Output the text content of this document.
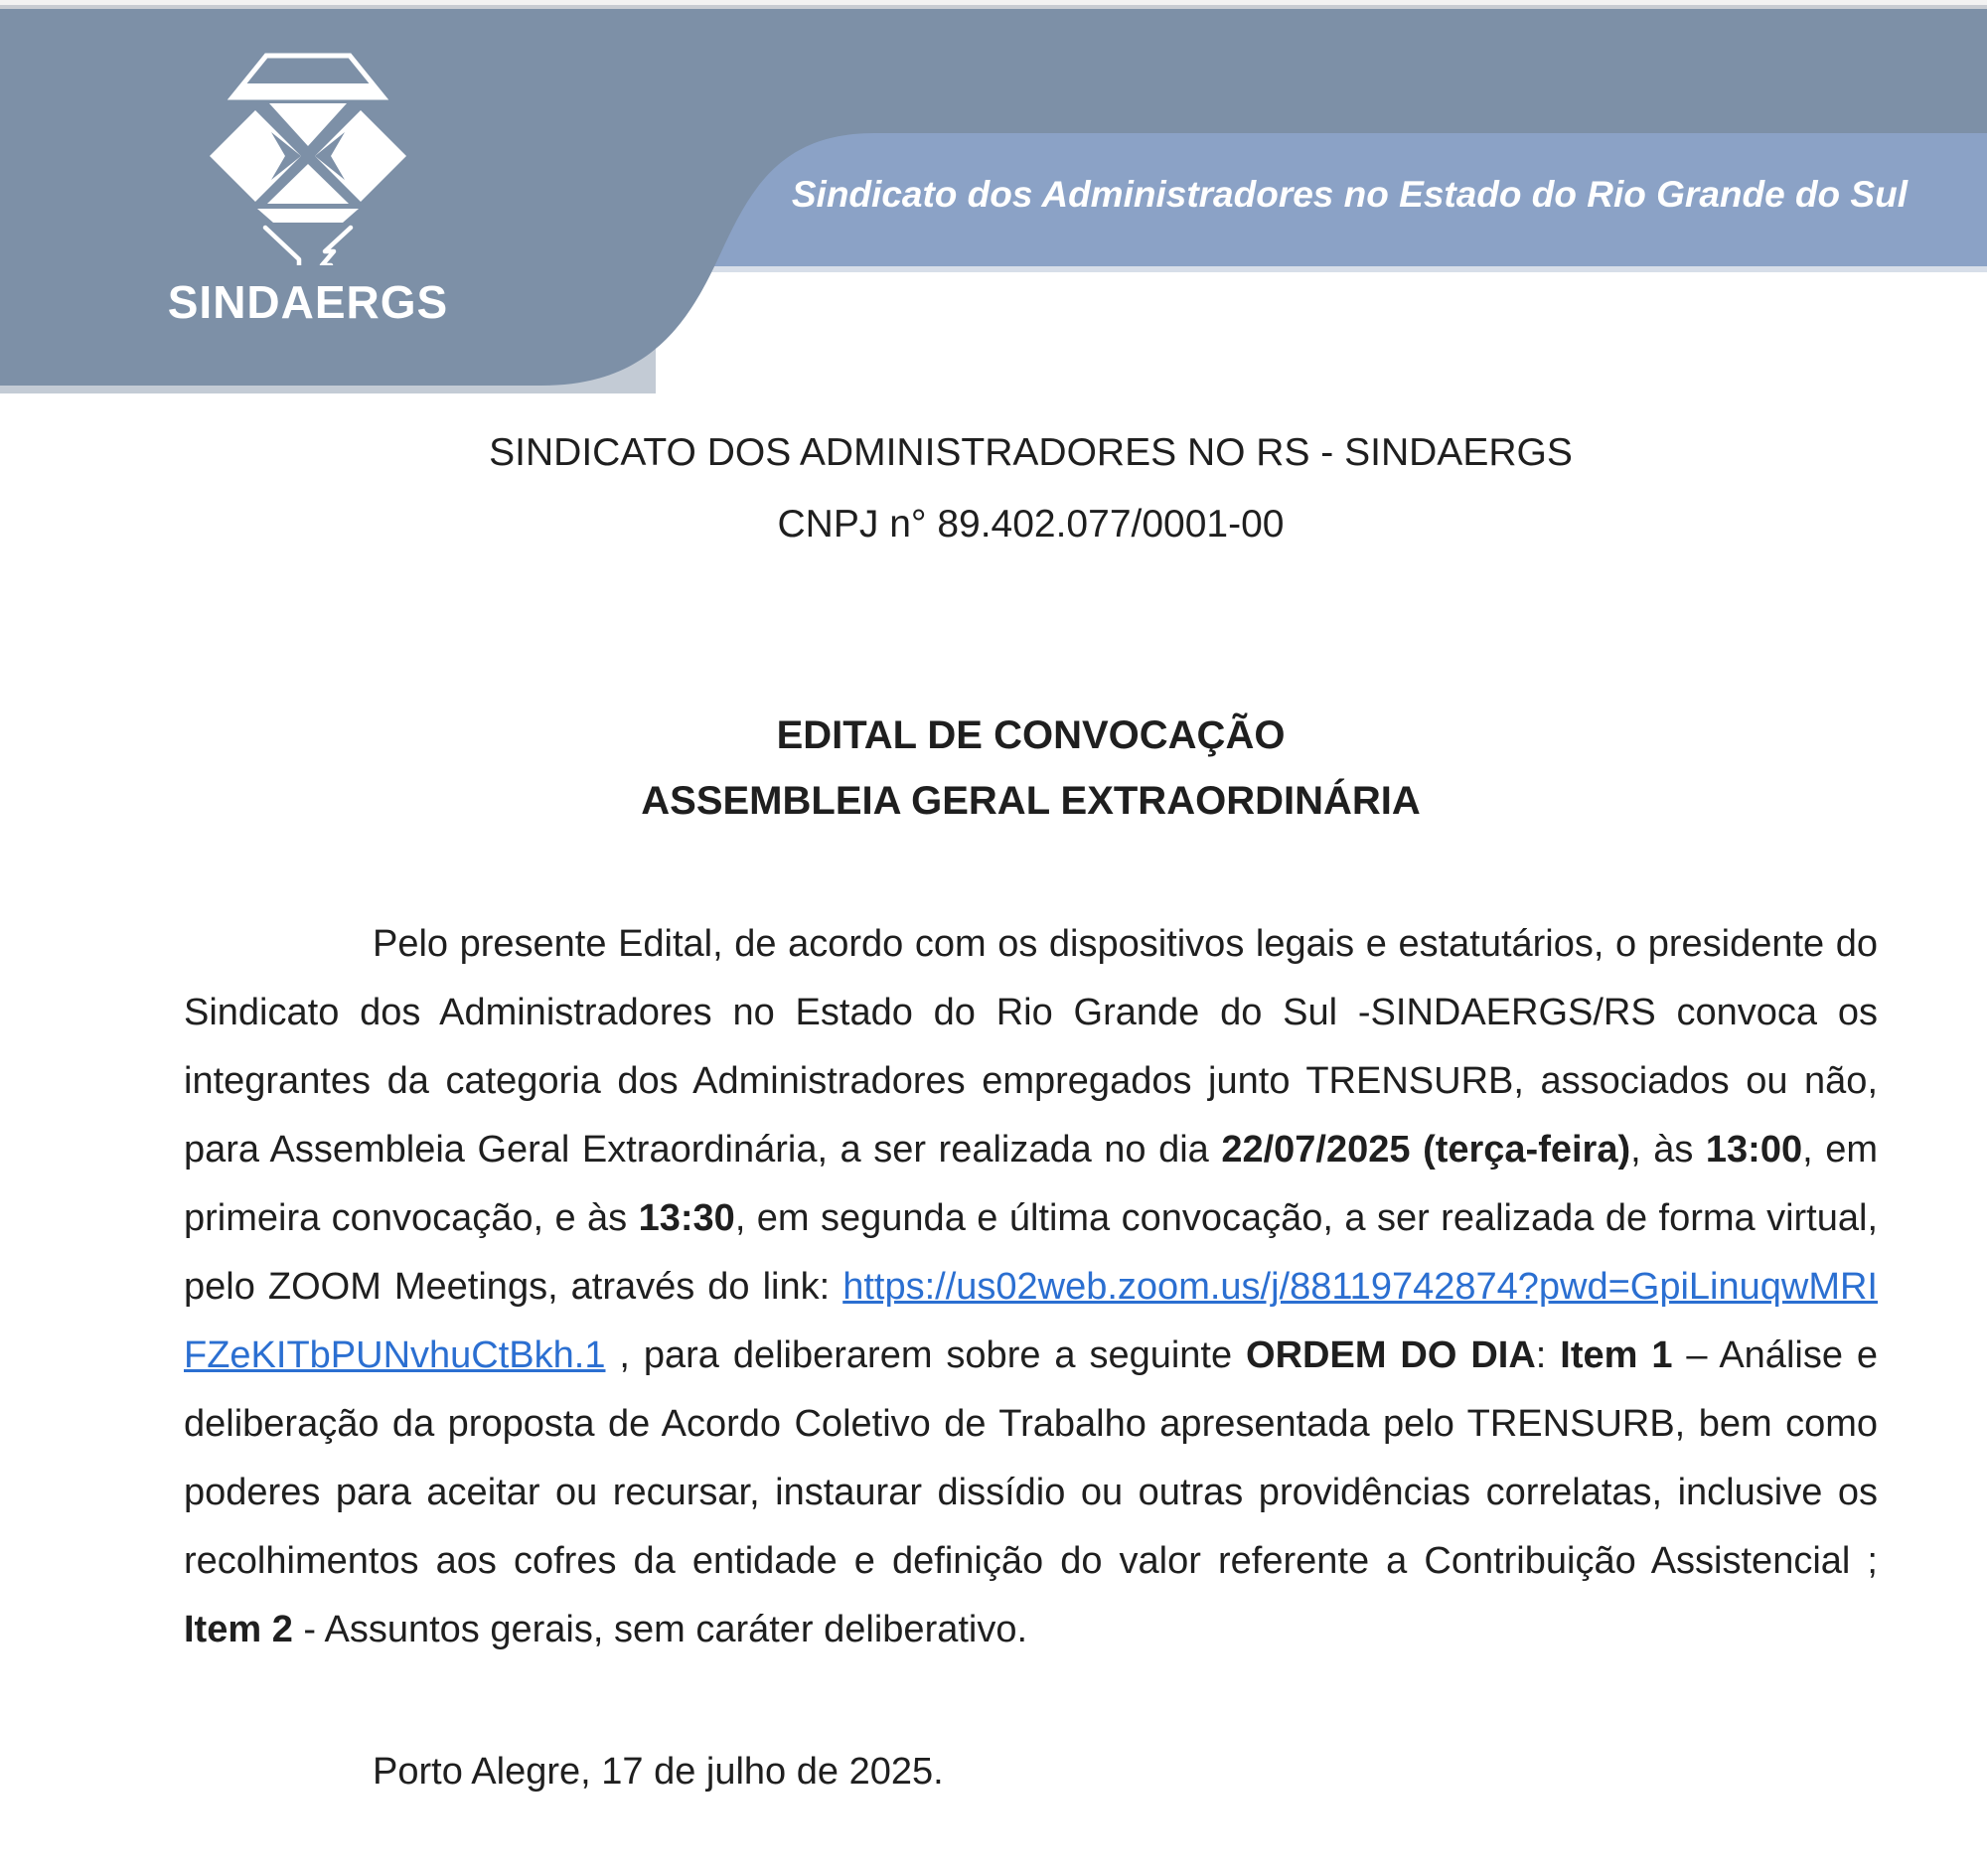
SINDAERGS
Sindicato dos Administradores no Estado do Rio Grande do Sul
SINDICATO DOS ADMINISTRADORES NO RS - SINDAERGS
CNPJ n° 89.402.077/0001-00
EDITAL DE CONVOCAÇÃO
ASSEMBLEIA GERAL EXTRAORDINÁRIA

Pelo presente Edital, de acordo com os dispositivos legais e estatutários, o presidente do Sindicato dos Administradores no Estado do Rio Grande do Sul -SINDAERGS/RS convoca os integrantes da categoria dos Administradores empregados junto TRENSURB, associados ou não, para Assembleia Geral Extraordinária, a ser realizada no dia 22/07/2025 (terça-feira), às 13:00, em primeira convocação, e às 13:30, em segunda e última convocação, a ser realizada de forma virtual, pelo ZOOM Meetings, através do link: https://us02web.zoom.us/j/88119742874?pwd=GpiLinuqwMRIFZeKITbPUNvhuCtBkh.1 , para deliberarem sobre a seguinte ORDEM DO DIA: Item 1 – Análise e deliberação da proposta de Acordo Coletivo de Trabalho apresentada pelo TRENSURB, bem como poderes para aceitar ou recursar, instaurar dissídio ou outras providências correlatas, inclusive os recolhimentos aos cofres da entidade e definição do valor referente a Contribuição Assistencial ; Item 2 - Assuntos gerais, sem caráter deliberativo.

Porto Alegre, 17 de julho de 2025.
